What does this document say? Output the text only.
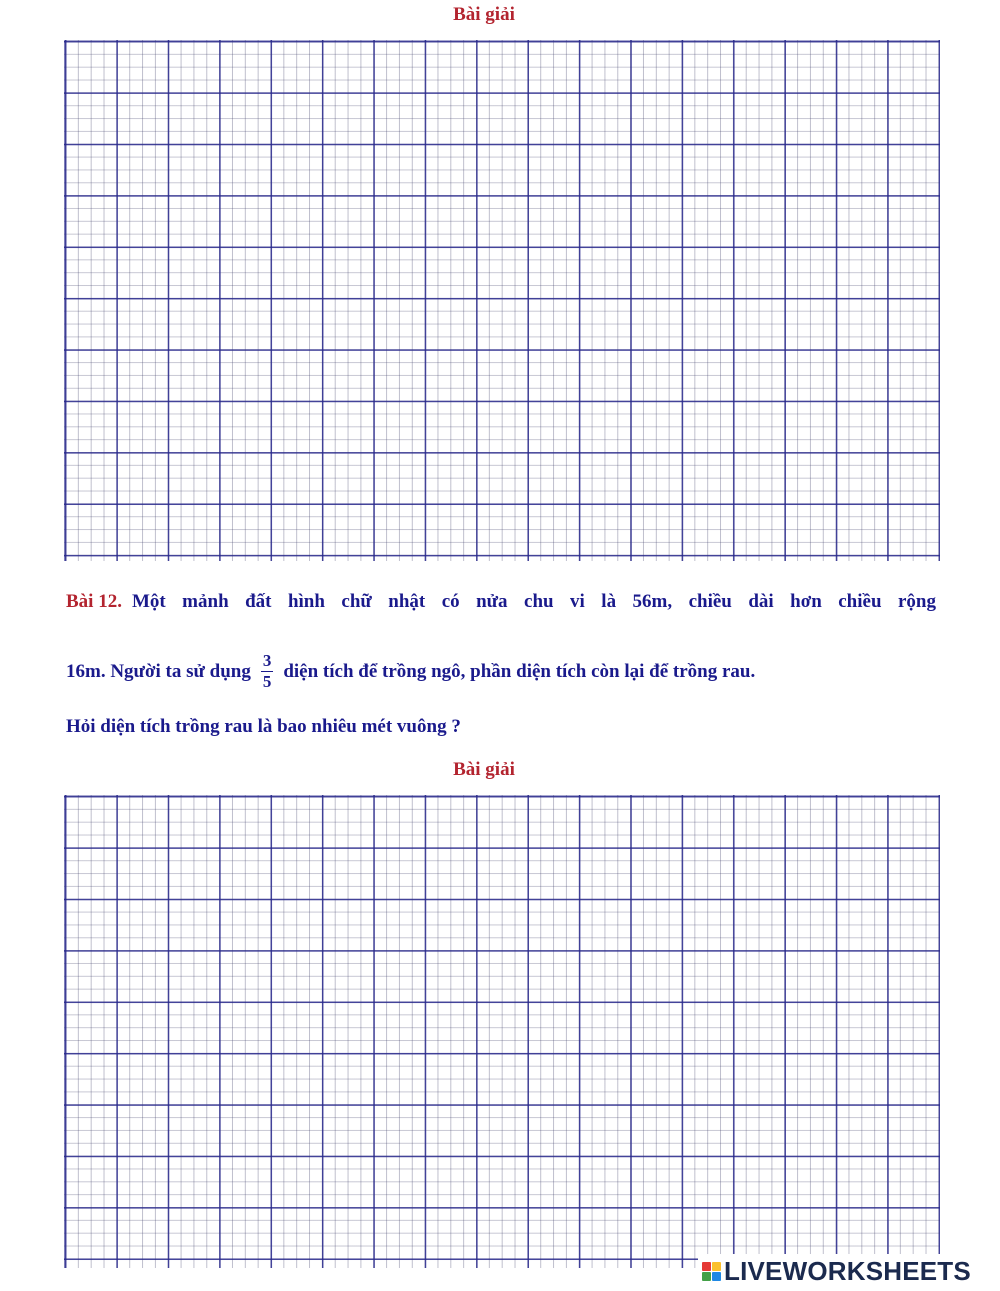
Bài giải
Bài 12. Một mảnh đất hình chữ nhật có nửa chu vi là 56m, chiều dài hơn chiều rộng
16m. Người ta sử dụng $\frac{3}{5}$ diện tích để trồng ngô, phần diện tích còn lại để trồng rau.
Hỏi diện tích trồng rau là bao nhiêu mét vuông ?
Bài giải
LIVEWORKSHEETS
